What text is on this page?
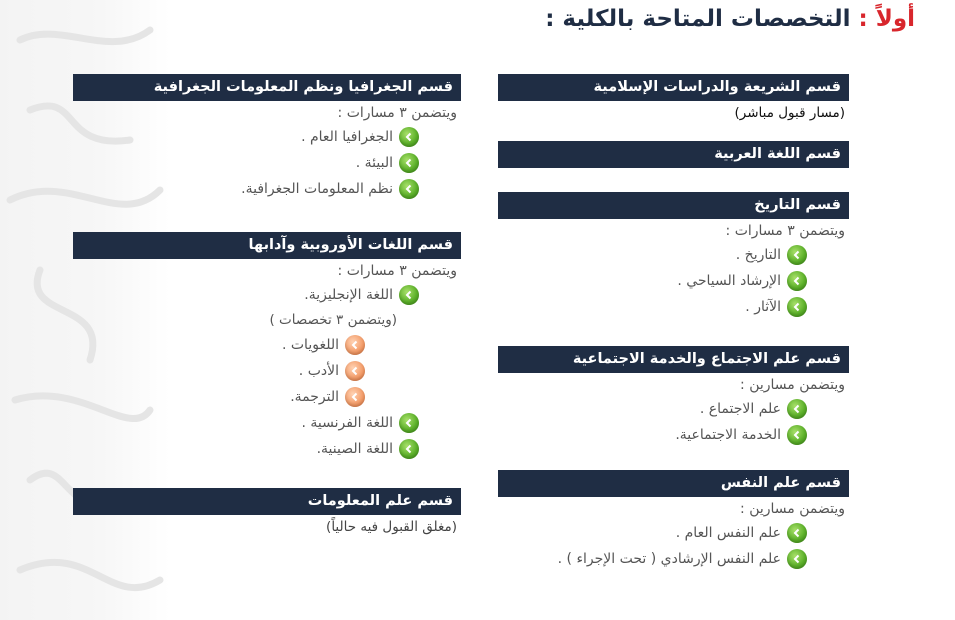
أولاً : التخصصات المتاحة بالكلية :
قسم الشريعة والدراسات الإسلامية
(مسار قبول مباشر)
قسم اللغة العربية
قسم التاريخ
ويتضمن ٣ مسارات :
التاريخ .
الإرشاد السياحي .
الآثار .
قسم علم الاجتماع والخدمة الاجتماعية
ويتضمن مسارين :
علم الاجتماع .
الخدمة الاجتماعية.
قسم علم النفس
ويتضمن مسارين :
علم النفس العام .
علم النفس الإرشادي ( تحت الإجراء ) .
قسم الجغرافيا ونظم المعلومات الجغرافية
ويتضمن ٣ مسارات :
الجغرافيا العام .
البيئة .
نظم المعلومات الجغرافية.
قسم اللغات الأوروبية وآدابها
ويتضمن ٣ مسارات :
اللغة الإنجليزية.
(ويتضمن ٣ تخصصات )
اللغويات .
الأدب .
الترجمة.
اللغة الفرنسية .
اللغة الصينية.
قسم علم المعلومات
(مغلق القبول فيه حالياً)
